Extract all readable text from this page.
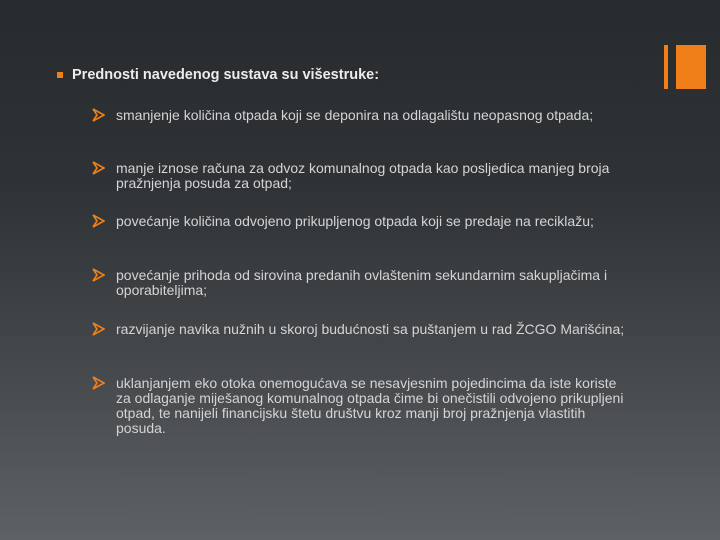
Prednosti navedenog sustava su višestruke:
smanjenje količina otpada koji se deponira na odlagalištu neopasnog otpada;
manje iznose računa za odvoz komunalnog otpada kao posljedica manjeg broja pražnjenja posuda za otpad;
povećanje količina odvojeno prikupljenog otpada koji se predaje na reciklažu;
povećanje prihoda od sirovina predanih ovlaštenim sekundarnim sakupljačima i oporabiteljima;
razvijanje navika nužnih u skoroj budućnosti sa puštanjem u rad ŽCGO Marišćina;
uklanjanjem eko otoka onemogućava se nesavjesnim pojedincima da iste koriste za odlaganje miješanog komunalnog otpada čime bi onečistili odvojeno prikupljeni otpad, te nanijeli financijsku štetu društvu kroz manji broj pražnjenja vlastitih posuda.
